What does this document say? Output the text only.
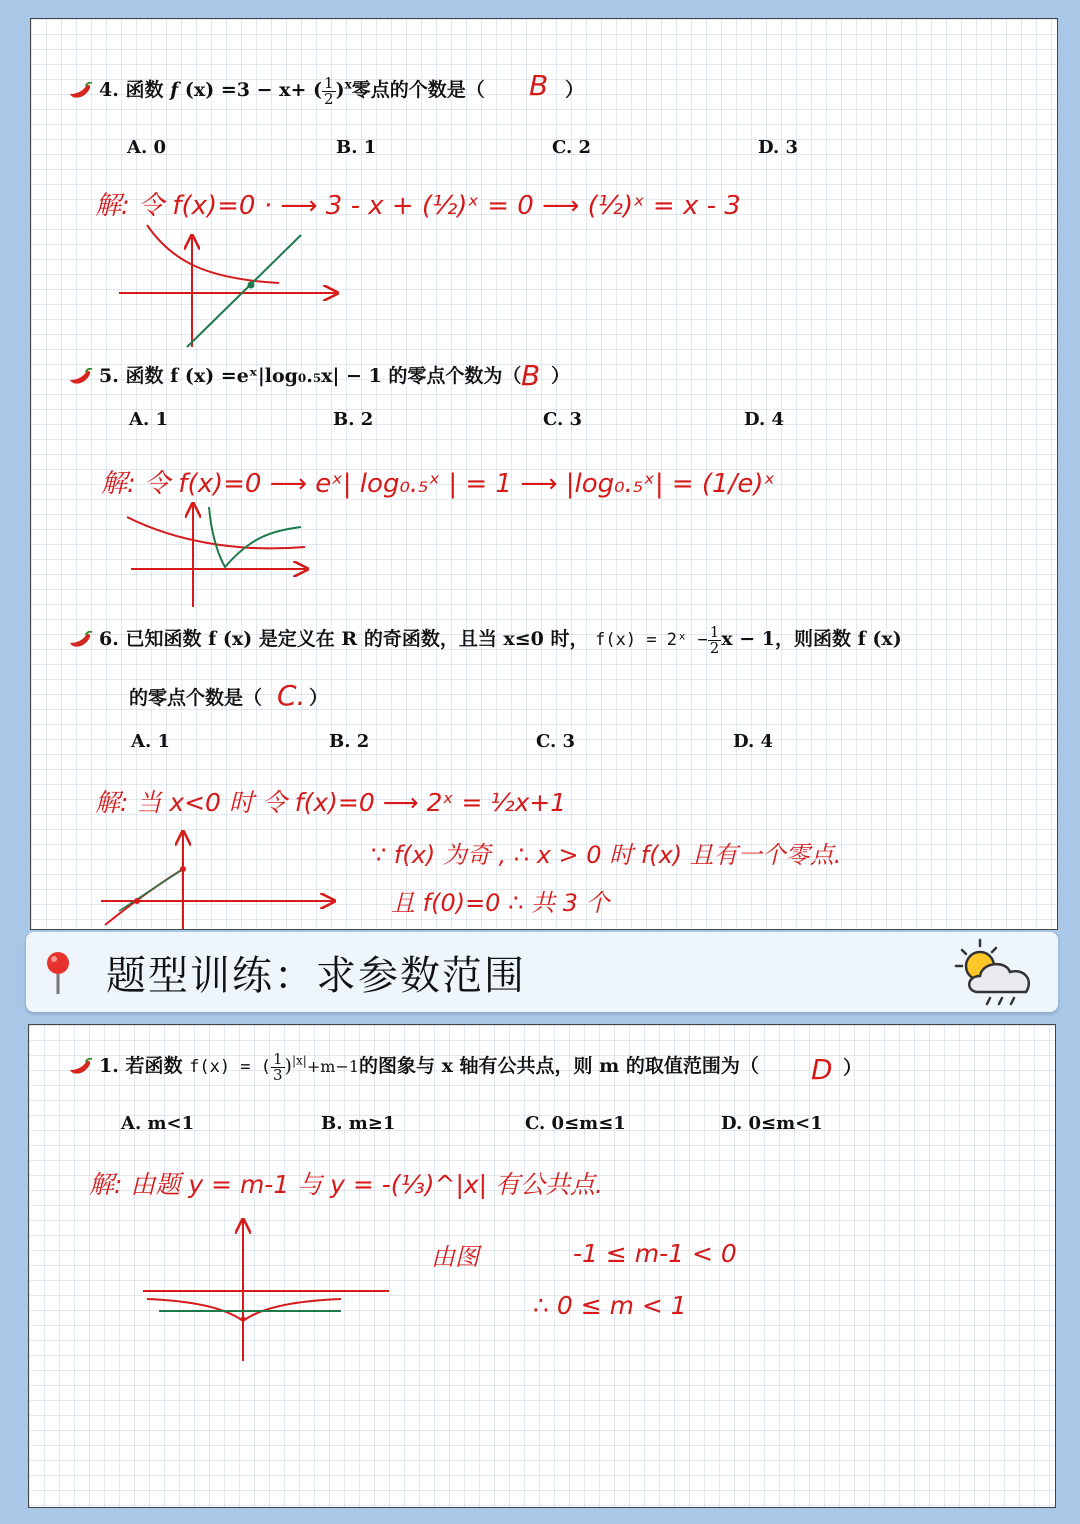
4. 函数 f (x) =3 − x+ ( $\frac{1}{2} )^x$零点的个数是（ B ）
A. 0	B. 1	C. 2	D. 3
解: 令 f(x)=0 · ⟶ 3 - x + (½)ˣ = 0 ⟶ (½)ˣ = x - 3
5. 函数 f (x) =eˣ|log₀.₅x| − 1 的零点个数为（ B ）
A. 1	B. 2	C. 3	D. 4
解: 令 f(x)=0 ⟶ eˣ| log₀.₅ˣ | = 1 ⟶ |log₀.₅ˣ| = (1/e)ˣ
6. 已知函数 f (x) 是定义在 R 的奇函数，且当 x≤0 时， f(x) = 2ˣ − $\frac{1}{2}$ x − 1，则函数 f (x)
的零点个数是（ C. ）
A. 1	B. 2	C. 3	D. 4
解: 当 x<0 时 令 f(x)=0 ⟶ 2ˣ = ½x+1
∵ f(x) 为奇 , ∴ x > 0 时 f(x) 且有一个零点.
且 f(0)=0 ∴ 共 3 个
题型训练：求参数范围
1. 若函数 f(x) = ( $\frac{1}{3} )^{|x|}+m-1$的图象与 x 轴有公共点，则 m 的取值范围为（ D ）
A. m<1	B. m≥1	C. 0≤m≤1	D. 0≤m<1
解: 由题 y = m-1 与 y = -(⅓)^|x| 有公共点.
由图	-1 ≤ m-1 < 0
∴ 0 ≤ m < 1
